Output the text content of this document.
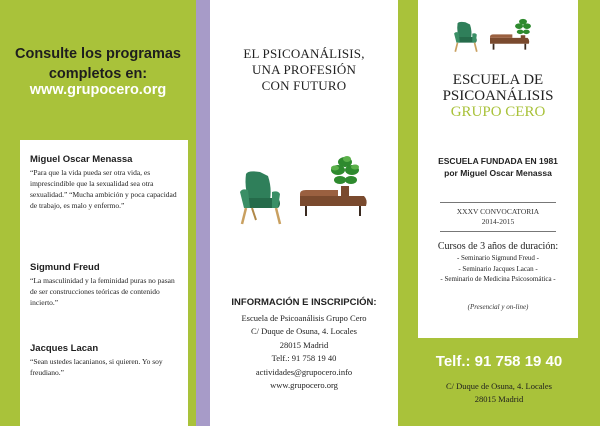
Consulte los programas
completos en:
www.grupocero.org
Miguel Oscar Menassa
“Para que la vida pueda ser otra vida, es imprescindible que la sexualidad sea otra sexualidad.” “Mucha ambición y poca capacidad de trabajo, es malo y enfermo.”
Sigmund Freud
“La masculinidad y la feminidad puras no pasan de ser construcciones teóricas de contenido incierto.”
Jacques Lacan
“Sean ustedes lacanianos, si quieren. Yo soy freudiano.”
EL PSICOANÁLISIS,
UNA PROFESIÓN
CON FUTURO
INFORMACIÓN E INSCRIPCIÓN:
Escuela de Psicoanálisis Grupo Cero
C/ Duque de Osuna, 4. Locales
28015 Madrid
Telf.: 91 758 19 40
actividades@grupocero.info
www.grupocero.org
ESCUELA DE
PSICOANÁLISIS
GRUPO CERO
ESCUELA FUNDADA EN 1981
por Miguel Oscar Menassa
XXXV CONVOCATORIA
2014-2015
Cursos de 3 años de duración:
- Seminario Sigmund Freud -
- Seminario Jacques Lacan -
- Seminario de Medicina Psicosomática -
(Presencial y on-line)
Telf.: 91 758 19 40
C/ Duque de Osuna, 4. Locales
28015 Madrid
